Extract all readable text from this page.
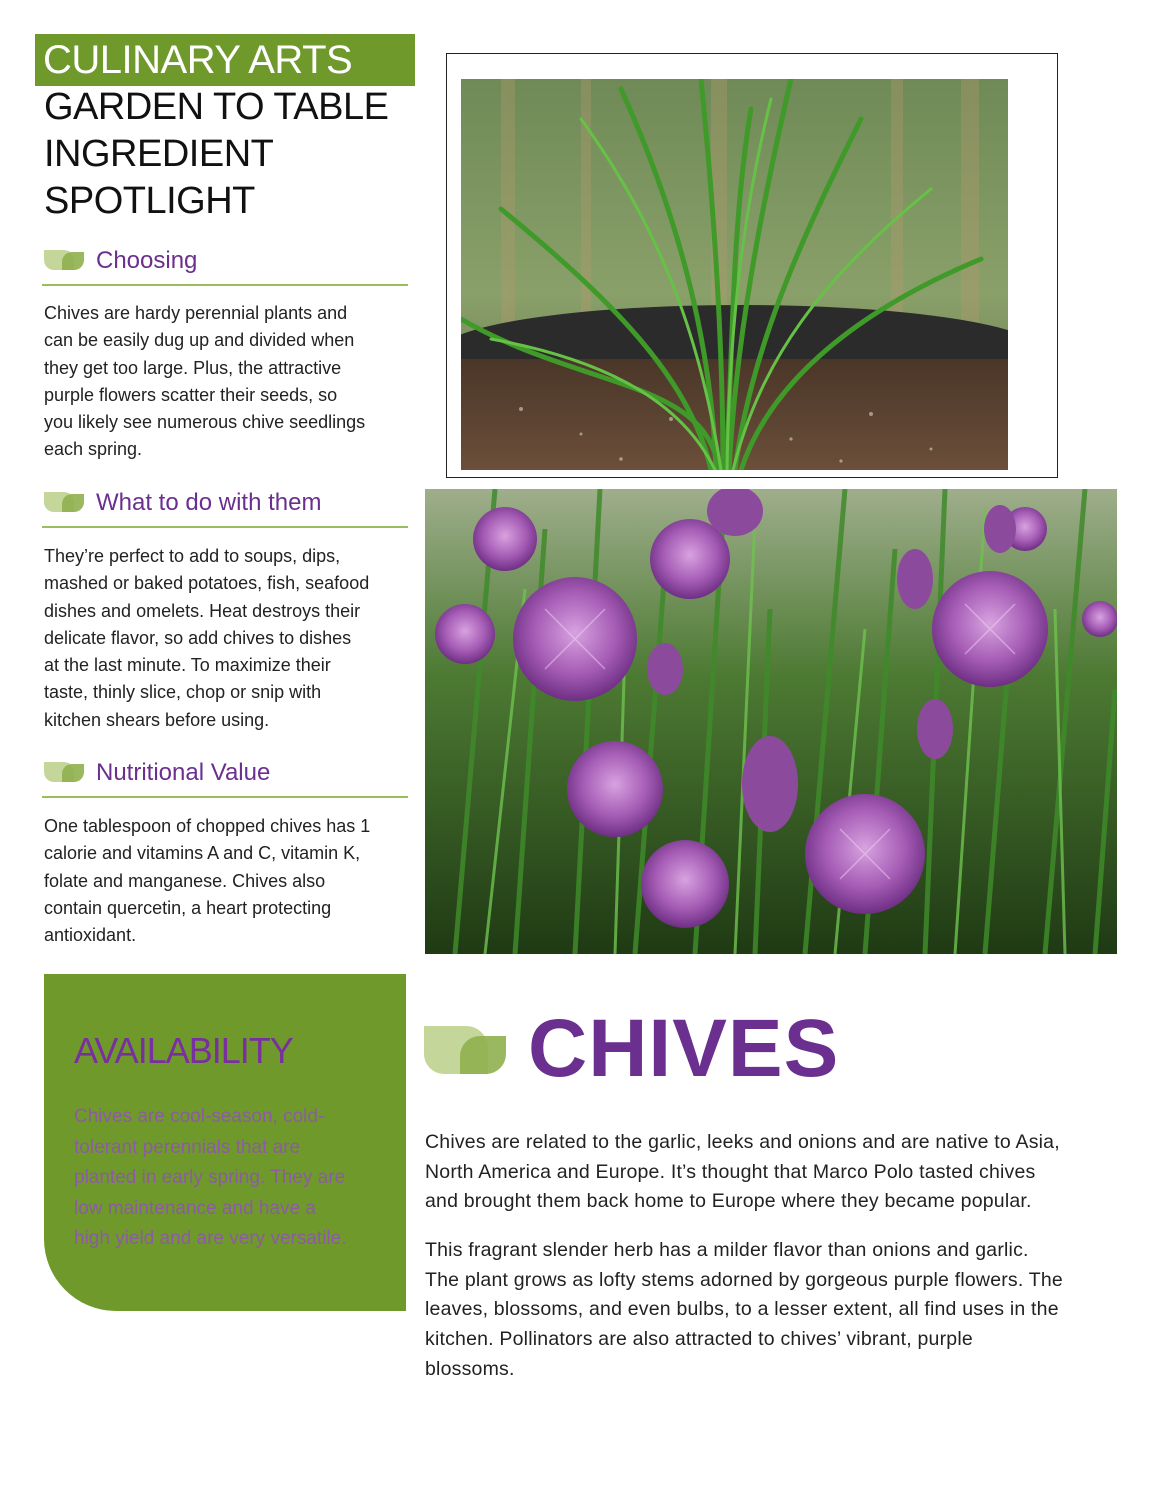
CULINARY ARTS
GARDEN TO TABLE
INGREDIENT
SPOTLIGHT
Choosing
Chives are hardy perennial plants and
can be easily dug up and divided when
they get too large. Plus, the attractive
purple flowers scatter their seeds, so
you likely see numerous chive seedlings
each spring.
What to do with them
They’re perfect to add to soups, dips,
mashed or baked potatoes, fish, seafood
dishes and omelets. Heat destroys their
delicate flavor, so add chives to dishes
at the last minute. To maximize their
taste, thinly slice, chop or snip with
kitchen shears before using.
Nutritional Value
One tablespoon of chopped chives has 1
calorie and vitamins A and C, vitamin K,
folate and manganese. Chives also
contain quercetin, a heart protecting
antioxidant.
AVAILABILITY
Chives are cool-season, cold-
tolerant perennials that are
planted in early spring. They are
low maintenance and have a
high yield and are very versatile.
CHIVES
Chives are related to the garlic, leeks and onions and are native to Asia,
North America and Europe. It’s thought that Marco Polo tasted chives
and brought them back home to Europe where they became popular.
This fragrant slender herb has a milder flavor than onions and garlic.
The plant grows as lofty stems adorned by gorgeous purple flowers. The
leaves, blossoms, and even bulbs, to a lesser extent, all find uses in the
kitchen. Pollinators are also attracted to chives’ vibrant, purple
blossoms.
